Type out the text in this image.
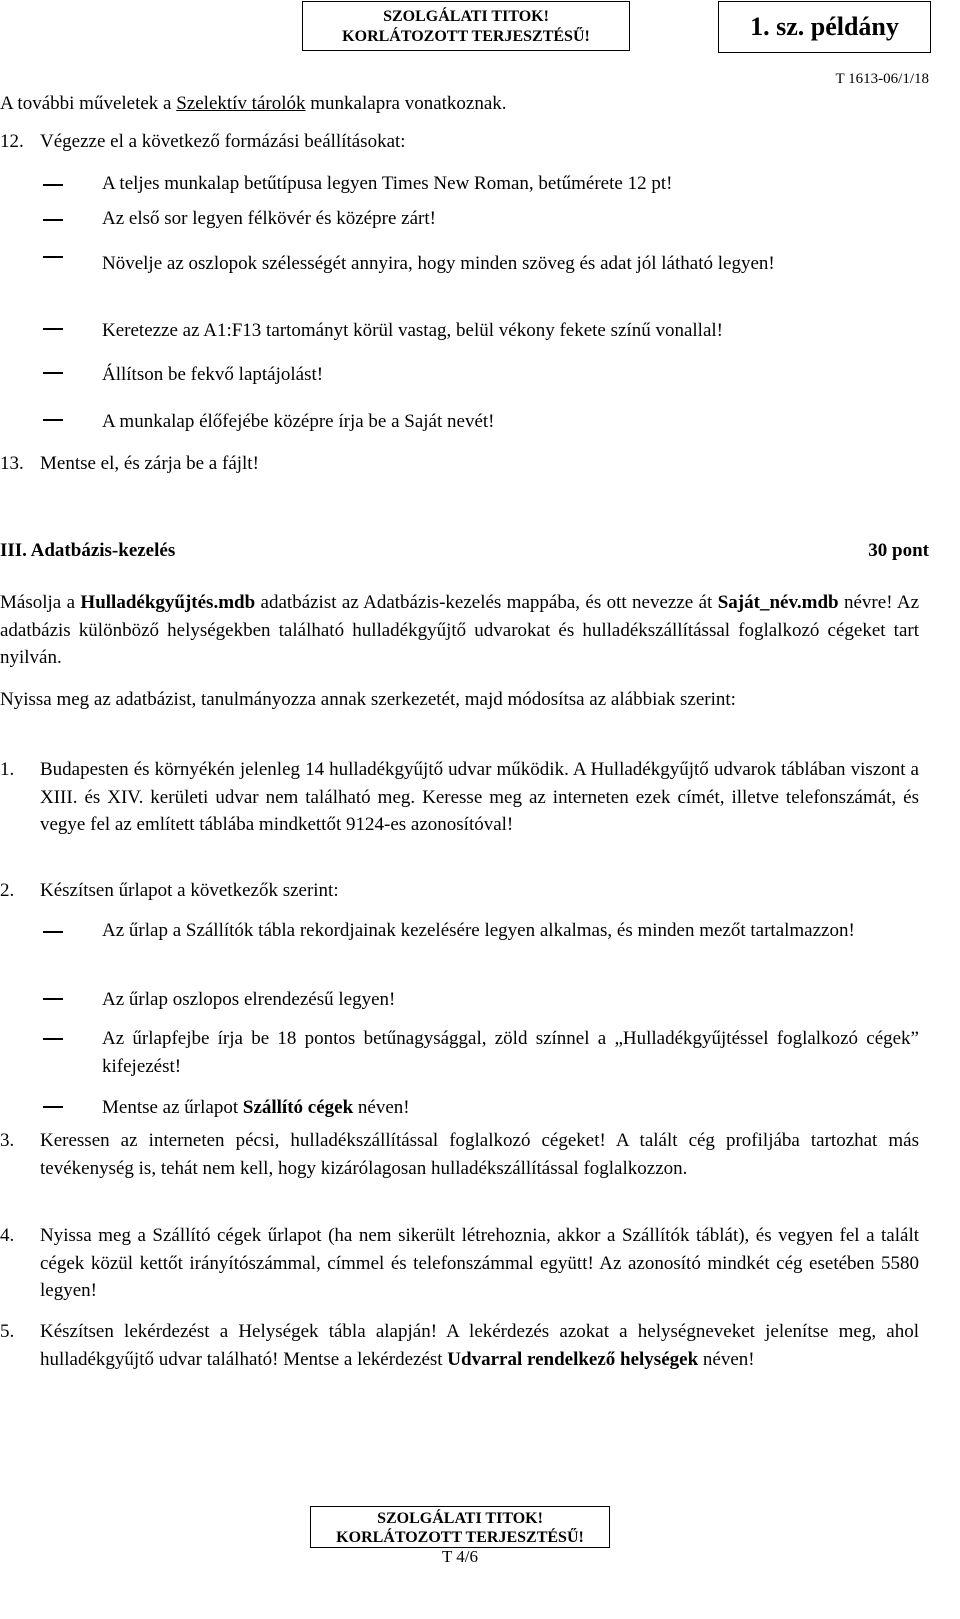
SZOLGÁLATI TITOK!
KORLÁTOZOTT TERJESZTÉSŰ!	1. sz. példány
T 1613-06/1/18
A további műveletek a Szelektív tárolók munkalapra vonatkoznak.
12. Végezze el a következő formázási beállításokat:
A teljes munkalap betűtípusa legyen Times New Roman, betűmérete 12 pt!
Az első sor legyen félkövér és középre zárt!
Növelje az oszlopok szélességét annyira, hogy minden szöveg és adat jól látható legyen!
Keretezze az A1:F13 tartományt körül vastag, belül vékony fekete színű vonallal!
Állítson be fekvő laptájolást!
A munkalap élőfejébe középre írja be a Saját nevét!
13. Mentse el, és zárja be a fájlt!
III. Adatbázis-kezelés	30 pont
Másolja a Hulladékgyűjtés.mdb adatbázist az Adatbázis-kezelés mappába, és ott nevezze át Saját_név.mdb névre! Az adatbázis különböző helységekben található hulladékgyűjtő udvarokat és hulladékszállítással foglalkozó cégeket tart nyilván.
Nyissa meg az adatbázist, tanulmányozza annak szerkezetét, majd módosítsa az alábbiak szerint:
1.	Budapesten és környékén jelenleg 14 hulladékgyűjtő udvar működik. A Hulladékgyűjtő udvarok táblában viszont a XIII. és XIV. kerületi udvar nem található meg. Keresse meg az interneten ezek címét, illetve telefonszámát, és vegye fel az említett táblába mindkettőt 9124-es azonosítóval!
2.	Készítsen űrlapot a következők szerint:
Az űrlap a Szállítók tábla rekordjainak kezelésére legyen alkalmas, és minden mezőt tartalmazzon!
Az űrlap oszlopos elrendezésű legyen!
Az űrlapfejbe írja be 18 pontos betűnagysággal, zöld színnel a „Hulladékgyűjtéssel foglalkozó cégek” kifejezést!
Mentse az űrlapot Szállító cégek néven!
3.	Keressen az interneten pécsi, hulladékszállítással foglalkozó cégeket! A talált cég profiljába tartozhat más tevékenység is, tehát nem kell, hogy kizárólagosan hulladékszállítással foglalkozzon.
4.	Nyissa meg a Szállító cégek űrlapot (ha nem sikerült létrehoznia, akkor a Szállítók táblát), és vegyen fel a talált cégek közül kettőt irányítószámmal, címmel és telefonszámmal együtt! Az azonosító mindkét cég esetében 5580 legyen!
5.	Készítsen lekérdezést a Helységek tábla alapján! A lekérdezés azokat a helységneveket jelenítse meg, ahol hulladékgyűjtő udvar található! Mentse a lekérdezést Udvarral rendelkező helységek néven!
SZOLGÁLATI TITOK!
KORLÁTOZOTT TERJESZTÉSŰ!
T 4/6
